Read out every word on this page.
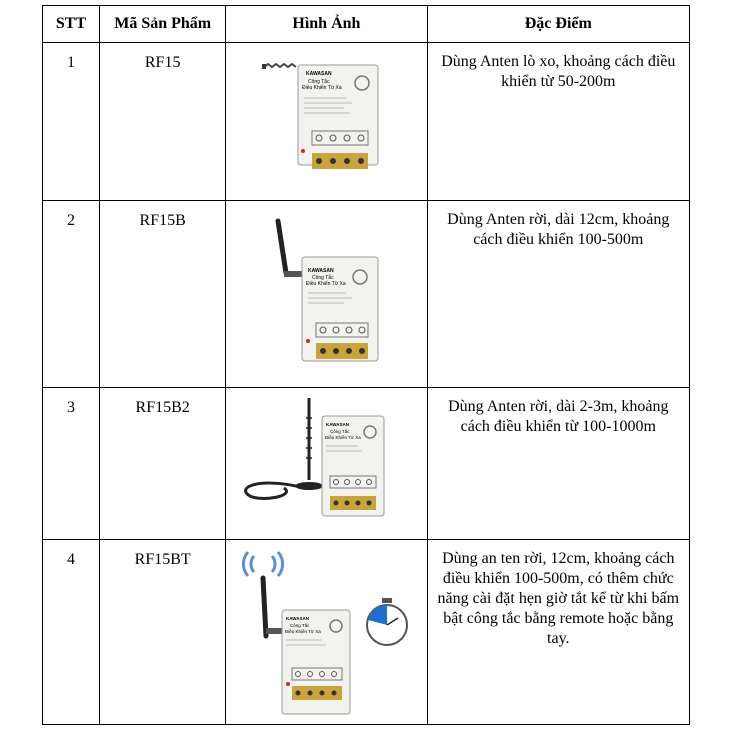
STT	Mã Sản Phẩm	Hình Ảnh	Đặc Điểm
1	RF15	KAWASAN
Công Tắc
Điều Khiển Từ Xa	Dùng Anten lò xo, khoảng cách điều khiển từ 50-200m
2	RF15B	KAWASAN
Công Tắc
Điều Khiển Từ Xa	Dùng Anten rời, dài 12cm, khoảng cách điều khiển 100-500m
3	RF15B2	KAWASAN
Công Tắc
Điều Khiển Từ Xa	Dùng Anten rời, dài 2-3m, khoảng cách điều khiển từ 100-1000m
4	RF15BT	KAWASAN
Công Tắc
Điều Khiển Từ Xa	Dùng an ten rời, 12cm, khoảng cách điều khiển 100-500m, có thêm chức năng cài đặt hẹn giờ tắt kể từ khi bấm bật công tắc bằng remote hoặc bằng tay.
